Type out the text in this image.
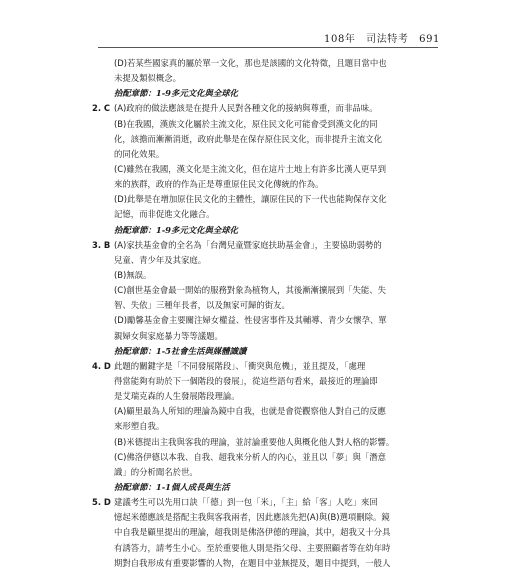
108年　司法特考　691
(D)若某些國家真的屬於單一文化，那也是該國的文化特徵，且題目當中也
未提及類似概念。
拾配章節：1-9多元文化與全球化
2. C (A)政府的做法應該是在提升人民對各種文化的接納與尊重，而非品味。
(B)在我國，漢族文化屬於主流文化，原住民文化可能會受到漢文化的同
化，該擔而漸漸消逝，政府此舉是在保存原住民文化，而非提升主流文化
的同化效果。
(C)雖然在我國，漢文化是主流文化，但在這片土地上有許多比漢人更早到
來的族群，政府的作為正是尊重原住民文化傳統的作為。
(D)此舉是在增加原住民文化的主體性，讓原住民的下一代也能夠保存文化
記憶，而非促進文化融合。
拾配章節：1-9多元文化與全球化
3. B (A)家扶基金會的全名為「台灣兒童暨家庭扶助基金會」，主要協助弱勢的
兒童、青少年及其家庭。
(B)無誤。
(C)創世基金會最一開始的服務對象為植物人，其後漸漸擴展到「失能、失
智、失依」三種年長者，以及無家可歸的街友。
(D)勵馨基金會主要關注婦女權益、性侵害事件及其輔導、青少女懷孕、單
親婦女與家庭暴力等等議題。
拾配章節：1-5社會生活與媒體識讀
4. D 此題的關鍵字是「不同發展階段」、「衝突與危機」，並且提及，「處理
得當能夠有助於下一個階段的發展」，從這些語句看來，最接近的理論即
是艾瑞克森的人生發展階段理論。
(A)顧里最為人所知的理論為鏡中自我，也就是會從觀察他人對自己的反應
來形塑自我。
(B)米德提出主我與客我的理論，並討論重要他人與概化他人對人格的影響。
(C)佛洛伊德以本我、自我、超我來分析人的內心，並且以「夢」與「潛意
識」的分析聞名於世。
拾配章節：1-1個人成長與生活
5. D 建議考生可以先用口訣「「德」到一包「米」，「主」給「客」人吃」來回
憶起米德應該是搭配主我與客我兩者，因此應該先把(A)與(B)選項刪除。鏡
中自我是顧里提出的理論，超我則是佛洛伊德的理論，其中，超我又十分具
有誘答力，請考生小心。至於重要他人則是指父母、主要照顧者等在幼年時
期對自我形成有重要影響的人物，在題目中並無提及，題目中提到，一般人
